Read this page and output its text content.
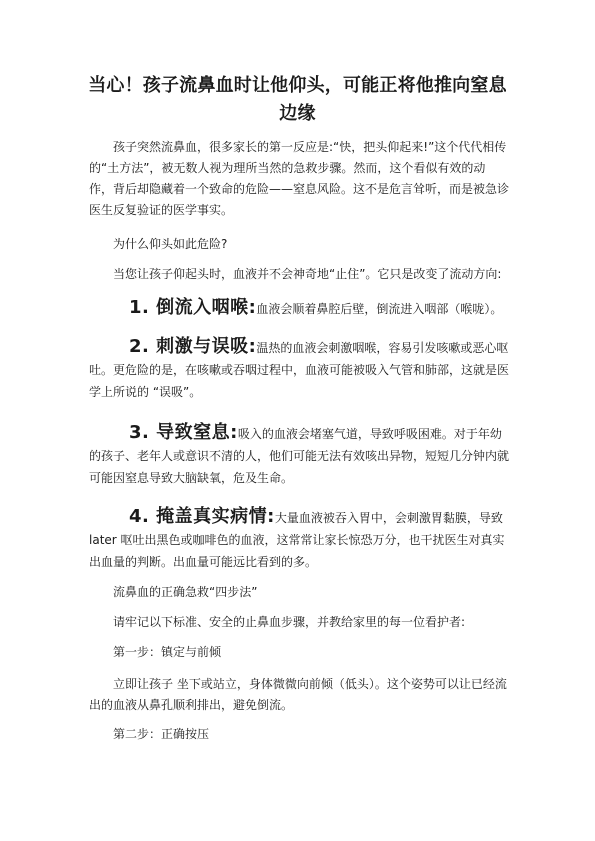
当心！孩子流鼻血时让他仰头，可能正将他推向窒息边缘

孩子突然流鼻血，很多家长的第一反应是:“快，把头仰起来!”这个代代相传的“土方法”，被无数人视为理所当然的急救步骤。然而，这个看似有效的动作，背后却隐藏着一个致命的危险——窒息风险。这不是危言耸听，而是被急诊医生反复验证的医学事实。

为什么仰头如此危险?

当您让孩子仰起头时，血液并不会神奇地“止住”。它只是改变了流动方向:

1. 倒流入咽喉:血液会顺着鼻腔后壁，倒流进入咽部（喉咙）。

2. 刺激与误吸:温热的血液会刺激咽喉，容易引发咳嗽或恶心呕吐。更危险的是，在咳嗽或吞咽过程中，血液可能被吸入气管和肺部，这就是医学上所说的 “误吸”。

3. 导致窒息:吸入的血液会堵塞气道，导致呼吸困难。对于年幼的孩子、老年人或意识不清的人，他们可能无法有效咳出异物，短短几分钟内就可能因窒息导致大脑缺氧，危及生命。

4. 掩盖真实病情:大量血液被吞入胃中，会刺激胃黏膜，导致 later 呕吐出黑色或咖啡色的血液，这常常让家长惊恐万分，也干扰医生对真实出血量的判断。出血量可能远比看到的多。

流鼻血的正确急救“四步法”

请牢记以下标准、安全的止鼻血步骤，并教给家里的每一位看护者:

第一步：镇定与前倾

立即让孩子 坐下或站立，身体微微向前倾（低头）。这个姿势可以让已经流出的血液从鼻孔顺利排出，避免倒流。

第二步：正确按压
